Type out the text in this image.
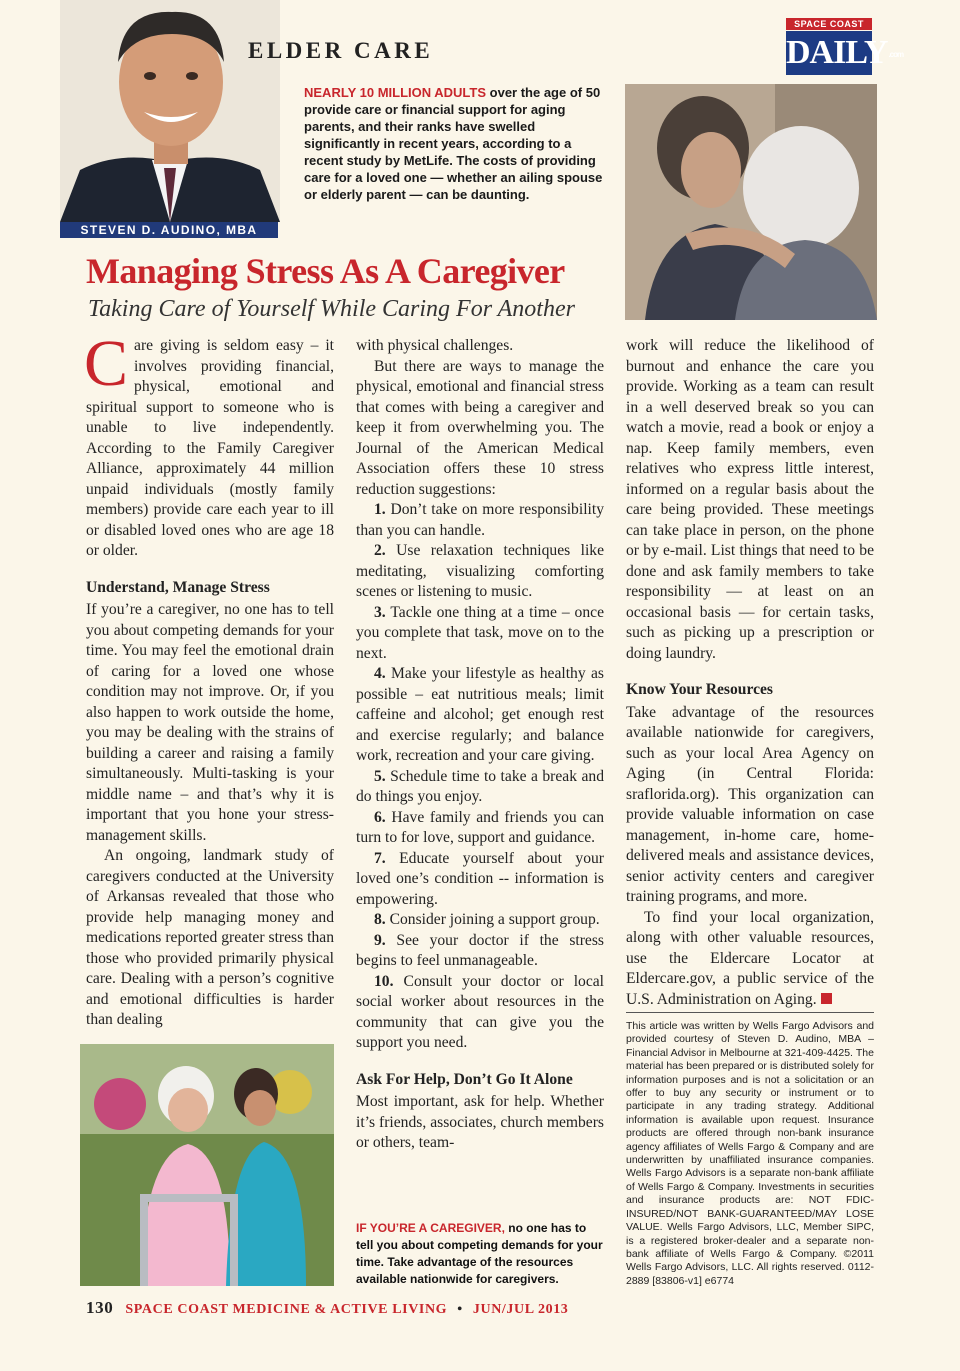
STEVEN D. AUDINO, MBA
ELDER CARE
SPACE COAST
DAILY.com
NEARLY 10 MILLION ADULTS over the age of 50 provide care or financial support for aging parents, and their ranks have swelled significantly in recent years, according to a recent study by MetLife. The costs of providing care for a loved one — whether an ailing spouse or elderly parent — can be daunting.
Managing Stress As A Caregiver
Taking Care of Yourself While Caring For Another

Care giving is seldom easy – it involves providing financial, physical, emotional and spiritual support to someone who is unable to live independently. According to the Family Caregiver Alliance, approximately 44 million unpaid individuals (mostly family members) provide care each year to ill or disabled loved ones who are age 18 or older.

Understand, Manage Stress

If you’re a caregiver, no one has to tell you about competing demands for your time. You may feel the emotional drain of caring for a loved one whose condition may not improve. Or, if you also happen to work outside the home, you may be dealing with the strains of building a career and raising a family simultaneously. Multi-tasking is your middle name – and that’s why it is important that you hone your stress-management skills.

An ongoing, landmark study of caregivers conducted at the University of Arkansas revealed that those who provide help managing money and medications reported greater stress than those who provided primarily physical care. Dealing with a person’s cognitive and emotional difficulties is harder than dealing

with physical challenges.

But there are ways to manage the physical, emotional and financial stress that comes with being a caregiver and keep it from overwhelming you. The Journal of the American Medical Association offers these 10 stress reduction suggestions:

1. Don’t take on more responsibility than you can handle.

2. Use relaxation techniques like meditating, visualizing comforting scenes or listening to music.

3. Tackle one thing at a time – once you complete that task, move on to the next.

4. Make your lifestyle as healthy as possible – eat nutritious meals; limit caffeine and alcohol; get enough rest and exercise regularly; and balance work, recreation and your care giving.

5. Schedule time to take a break and do things you enjoy.

6. Have family and friends you can turn to for love, support and guidance.

7. Educate yourself about your loved one’s condition -- information is empowering.

8. Consider joining a support group.

9. See your doctor if the stress begins to feel unmanageable.

10. Consult your doctor or local social worker about resources in the community that can give you the support you need.

Ask For Help, Don’t Go It Alone

Most important, ask for help. Whether it’s friends, associates, church members or others, team-

IF YOU’RE A CAREGIVER, no one has to tell you about competing demands for your time. Take advantage of the resources available nationwide for caregivers.

work will reduce the likelihood of burnout and enhance the care you provide. Working as a team can result in a well deserved break so you can watch a movie, read a book or enjoy a nap. Keep family members, even relatives who express little interest, informed on a regular basis about the care being provided. These meetings can take place in person, on the phone or by e-mail. List things that need to be done and ask family members to take responsibility — at least on an occasional basis — for certain tasks, such as picking up a prescription or doing laundry.

Know Your Resources

Take advantage of the resources available nationwide for caregivers, such as your local Area Agency on Aging (in Central Florida: sraflorida.org). This organization can provide valuable information on case management, in-home care, home-delivered meals and assistance devices, senior activity centers and caregiver training programs, and more.

To find your local organization, along with other valuable resources, use the Eldercare Locator at Eldercare.gov, a public service of the U.S. Administration on Aging.

This article was written by Wells Fargo Advisors and provided courtesy of Steven D. Audino, MBA – Financial Advisor in Melbourne at 321-409-4425. The material has been prepared or is distributed solely for information purposes and is not a solicitation or an offer to buy any security or instrument or to participate in any trading strategy. Additional information is available upon request. Insurance products are offered through non-bank insurance agency affiliates of Wells Fargo & Company and are underwritten by unaffiliated insurance companies. Wells Fargo Advisors is a separate non-bank affiliate of Wells Fargo & Company. Investments in securities and insurance products are: NOT FDIC-INSURED/NOT BANK-GUARANTEED/MAY LOSE VALUE. Wells Fargo Advisors, LLC, Member SIPC, is a registered broker-dealer and a separate non-bank affiliate of Wells Fargo & Company. ©2011 Wells Fargo Advisors, LLC. All rights reserved. 0112-2889 [83806-v1] e6774
130 SPACE COAST MEDICINE & ACTIVE LIVING • JUN/JUL 2013
